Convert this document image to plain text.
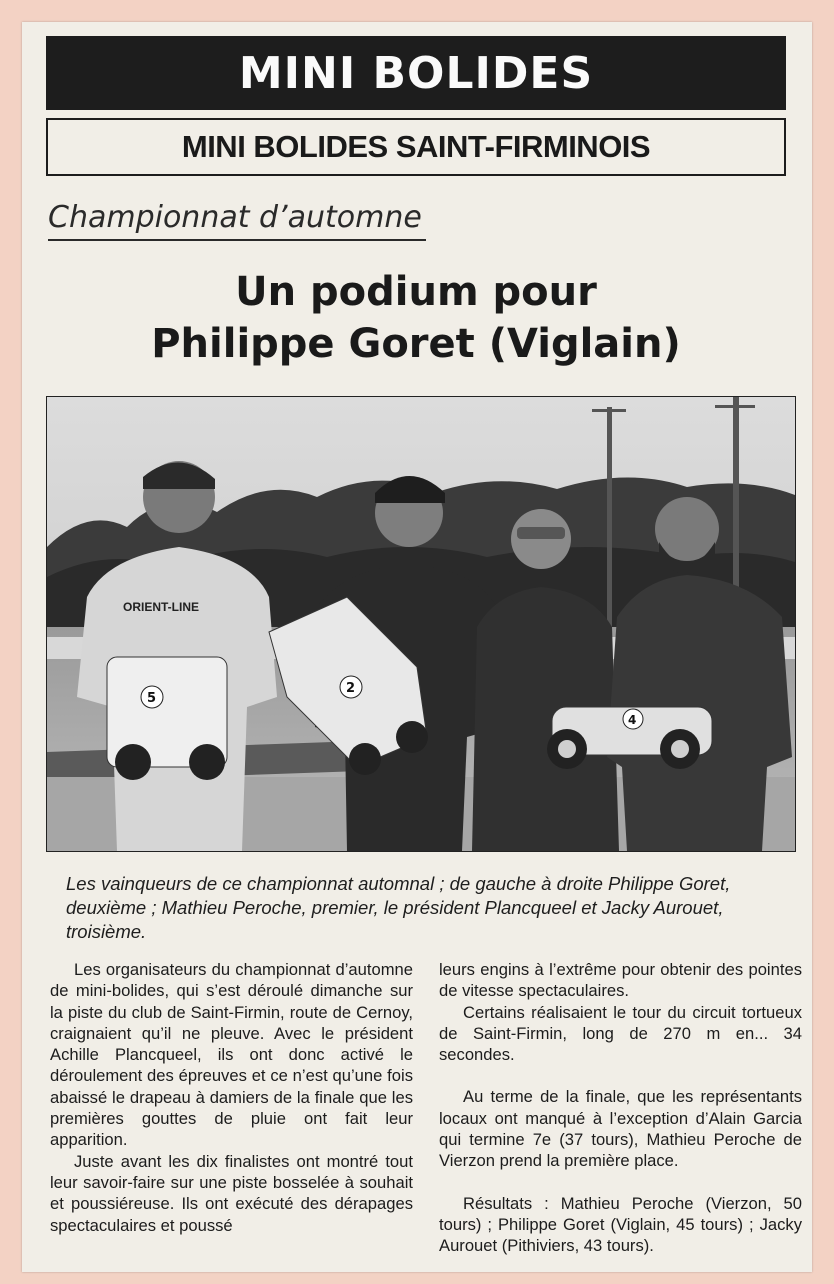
MINI BOLIDES
MINI BOLIDES SAINT-FIRMINOIS
Championnat d’automne
Un podium pour
Philippe Goret (Viglain)
ORIENT-LINE
5
2
4
Les vainqueurs de ce championnat automnal ; de gauche à droite Philippe Goret, deuxième ; Mathieu Peroche, premier, le président Plancqueel et Jacky Aurouet, troisième.

Les organisateurs du championnat d’automne de mini-bolides, qui s’est déroulé dimanche sur la piste du club de Saint-Firmin, route de Cernoy, craignaient qu’il ne pleuve. Avec le président Achille Plancqueel, ils ont donc activé le déroulement des épreuves et ce n’est qu’une fois abaissé le drapeau à damiers de la finale que les premières gouttes de pluie ont fait leur apparition.

Juste avant les dix finalistes ont montré tout leur savoir-faire sur une piste bosselée à souhait et poussiéreuse. Ils ont exécuté des dérapages spectaculaires et poussé

leurs engins à l’extrême pour obtenir des pointes de vitesse spectaculaires.

Certains réalisaient le tour du circuit tortueux de Saint-Firmin, long de 270 m en... 34 secondes.

Au terme de la finale, que les représentants locaux ont manqué à l’exception d’Alain Garcia qui termine 7e (37 tours), Mathieu Peroche de Vierzon prend la première place.

Résultats : Mathieu Peroche (Vierzon, 50 tours) ; Philippe Goret (Viglain, 45 tours) ; Jacky Aurouet (Pithiviers, 43 tours).
